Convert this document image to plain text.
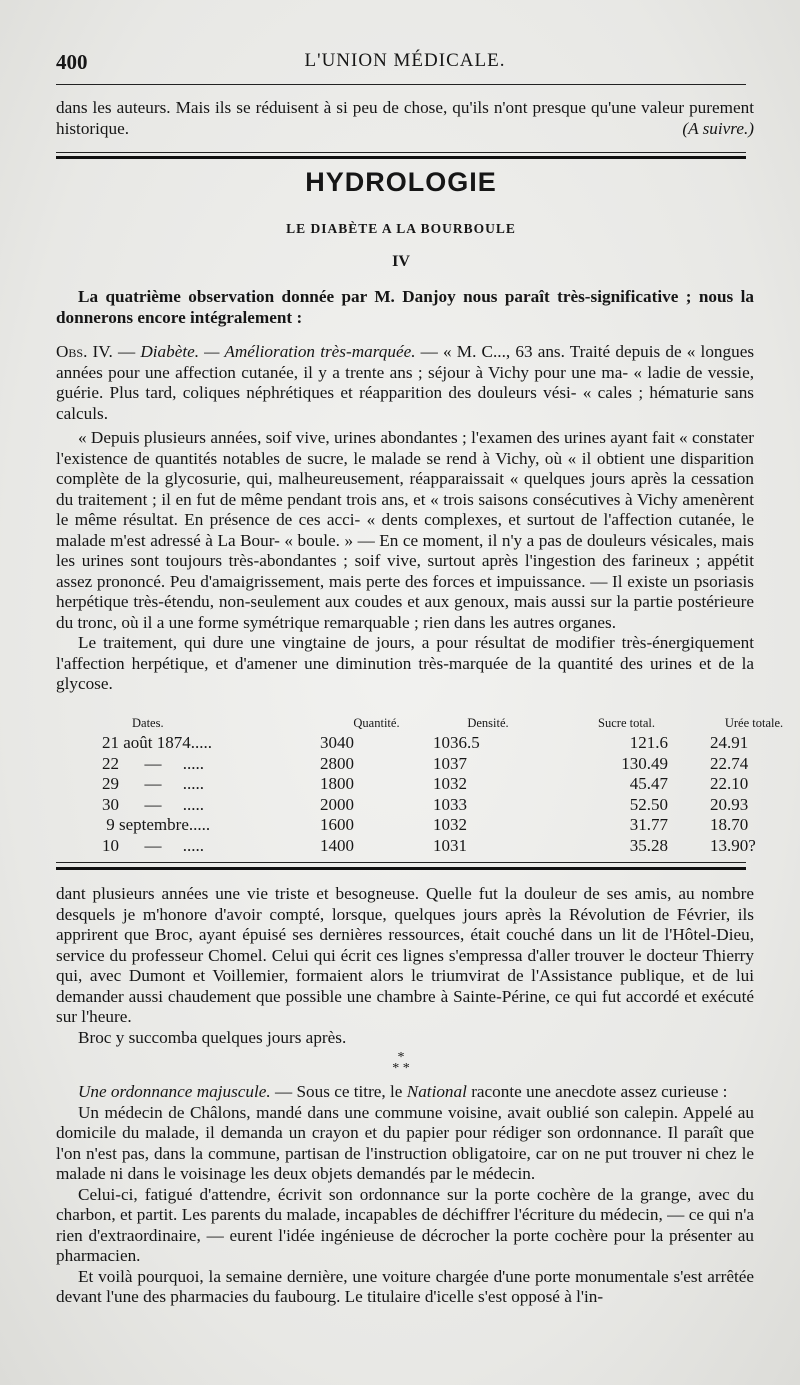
400	L'UNION MÉDICALE.

dans les auteurs. Mais ils se réduisent à si peu de chose, qu'ils n'ont presque qu'une valeur purement historique.	(A suivre.)

HYDROLOGIE
LE DIABÈTE A LA BOURBOULE
IV

La quatrième observation donnée par M. Danjoy nous paraît très-significative ; nous la donnerons encore intégralement :

Obs. IV. — Diabète. — Amélioration très-marquée. — « M. C..., 63 ans. Traité depuis de « longues années pour une affection cutanée, il y a trente ans ; séjour à Vichy pour une ma- « ladie de vessie, guérie. Plus tard, coliques néphrétiques et réapparition des douleurs vési- « cales ; hématurie sans calculs.

« Depuis plusieurs années, soif vive, urines abondantes ; l'examen des urines ayant fait « constater l'existence de quantités notables de sucre, le malade se rend à Vichy, où « il obtient une disparition complète de la glycosurie, qui, malheureusement, réapparaissait « quelques jours après la cessation du traitement ; il en fut de même pendant trois ans, et « trois saisons consécutives à Vichy amenèrent le même résultat. En présence de ces acci- « dents complexes, et surtout de l'affection cutanée, le malade m'est adressé à La Bour- « boule. » — En ce moment, il n'y a pas de douleurs vésicales, mais les urines sont toujours très-abondantes ; soif vive, surtout après l'ingestion des farineux ; appétit assez prononcé. Peu d'amaigrissement, mais perte des forces et impuissance. — Il existe un psoriasis herpétique très-étendu, non-seulement aux coudes et aux genoux, mais aussi sur la partie postérieure du tronc, où il a une forme symétrique remarquable ; rien dans les autres organes.

Le traitement, qui dure une vingtaine de jours, a pour résultat de modifier très-énergiquement l'affection herpétique, et d'amener une diminution très-marquée de la quantité des urines et de la glycose.

Dates.	Quantité.	Densité.	Sucre total.	Urée totale.
21 août 1874.....	3040	1036.5	121.6	24.91
22      —     .....	2800	1037	130.49	22.74
29      —     .....	1800	1032	45.47	22.10
30      —     .....	2000	1033	52.50	20.93
9 septembre.....	1600	1032	31.77	18.70
10      —     .....	1400	1031	35.28	13.90?

dant plusieurs années une vie triste et besogneuse. Quelle fut la douleur de ses amis, au nombre desquels je m'honore d'avoir compté, lorsque, quelques jours après la Révolution de Février, ils apprirent que Broc, ayant épuisé ses dernières ressources, était couché dans un lit de l'Hôtel-Dieu, service du professeur Chomel. Celui qui écrit ces lignes s'empressa d'aller trouver le docteur Thierry qui, avec Dumont et Voillemier, formaient alors le triumvirat de l'Assistance publique, et de lui demander aussi chaudement que possible une chambre à Sainte-Périne, ce qui fut accordé et exécuté sur l'heure.

Broc y succomba quelques jours après.

*
* *

Une ordonnance majuscule. — Sous ce titre, le National raconte une anecdote assez curieuse :

Un médecin de Châlons, mandé dans une commune voisine, avait oublié son calepin. Appelé au domicile du malade, il demanda un crayon et du papier pour rédiger son ordonnance. Il paraît que l'on n'est pas, dans la commune, partisan de l'instruction obligatoire, car on ne put trouver ni chez le malade ni dans le voisinage les deux objets demandés par le médecin.

Celui-ci, fatigué d'attendre, écrivit son ordonnance sur la porte cochère de la grange, avec du charbon, et partit. Les parents du malade, incapables de déchiffrer l'écriture du médecin, — ce qui n'a rien d'extraordinaire, — eurent l'idée ingénieuse de décrocher la porte cochère pour la présenter au pharmacien.

Et voilà pourquoi, la semaine dernière, une voiture chargée d'une porte monumentale s'est arrêtée devant l'une des pharmacies du faubourg. Le titulaire d'icelle s'est opposé à l'in-
